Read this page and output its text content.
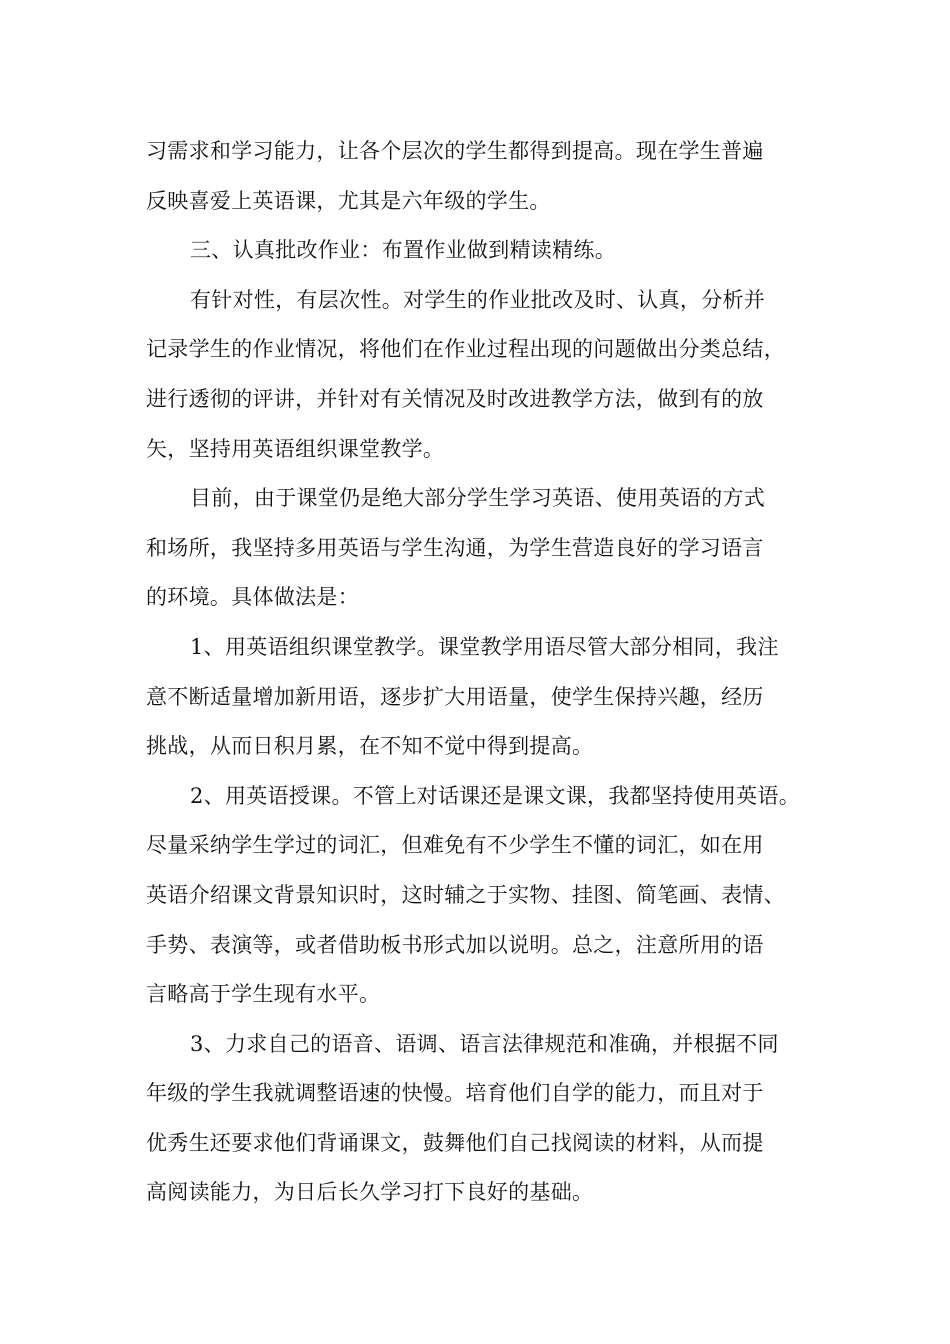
习需求和学习能力，让各个层次的学生都得到提高。现在学生普遍
反映喜爱上英语课，尤其是六年级的学生。

三、认真批改作业：布置作业做到精读精练。

有针对性，有层次性。对学生的作业批改及时、认真，分析并
记录学生的作业情况，将他们在作业过程出现的问题做出分类总结，
进行透彻的评讲，并针对有关情况及时改进教学方法，做到有的放
矢，坚持用英语组织课堂教学。

目前，由于课堂仍是绝大部分学生学习英语、使用英语的方式
和场所，我坚持多用英语与学生沟通，为学生营造良好的学习语言
的环境。具体做法是：

1、用英语组织课堂教学。课堂教学用语尽管大部分相同，我注
意不断适量增加新用语，逐步扩大用语量，使学生保持兴趣，经历
挑战，从而日积月累，在不知不觉中得到提高。

2、用英语授课。不管上对话课还是课文课，我都坚持使用英语。
尽量采纳学生学过的词汇，但难免有不少学生不懂的词汇，如在用
英语介绍课文背景知识时，这时辅之于实物、挂图、简笔画、表情、
手势、表演等，或者借助板书形式加以说明。总之，注意所用的语
言略高于学生现有水平。

3、力求自己的语音、语调、语言法律规范和准确，并根据不同
年级的学生我就调整语速的快慢。培育他们自学的能力，而且对于
优秀生还要求他们背诵课文，鼓舞他们自己找阅读的材料，从而提
高阅读能力，为日后长久学习打下良好的基础。
